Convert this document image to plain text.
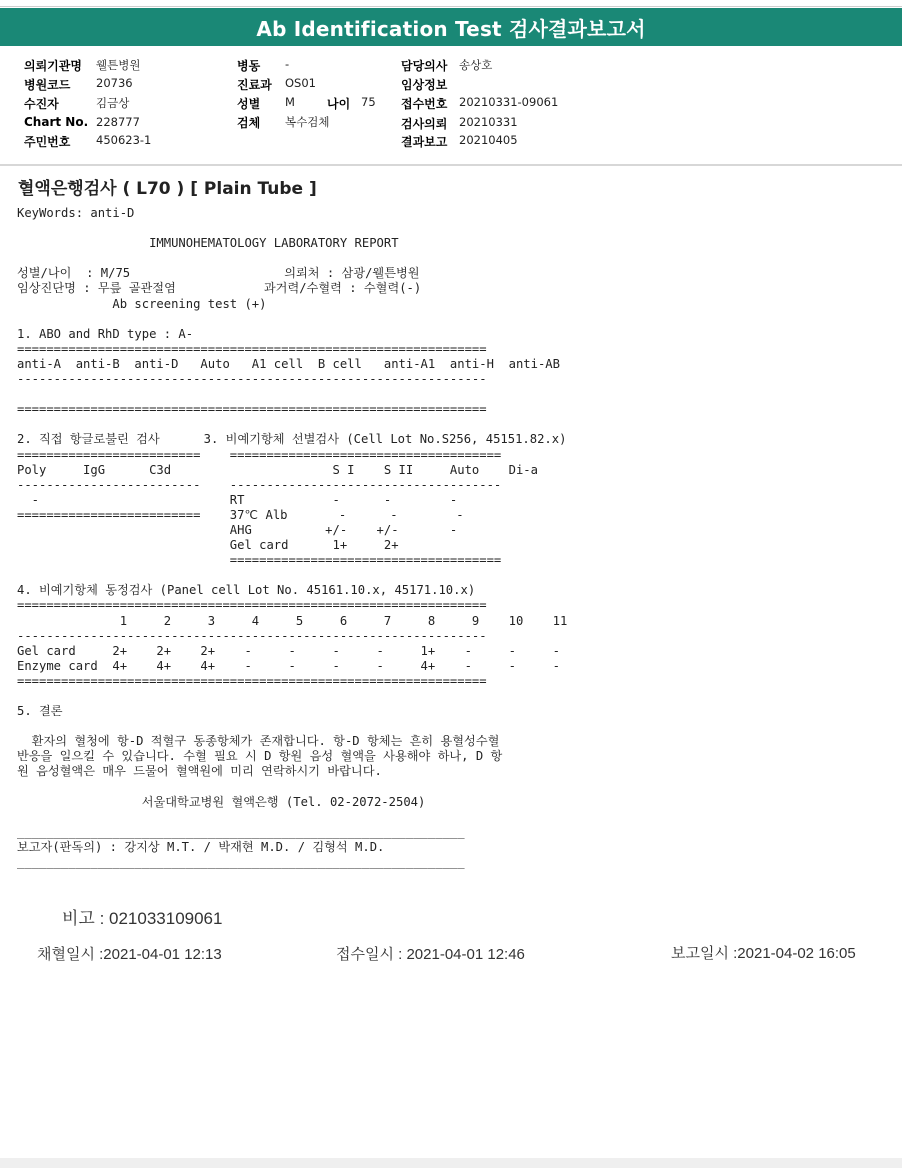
Ab Identification Test 검사결과보고서
의뢰기관명 웰튼병원
병원코드 20736
수진자	김금상
Chart No. 228777
주민번호 450623-1
병동 -
진료과 OS01
성별 M	나이 75
검체 복수검체
담당의사 송상호
임상정보
접수번호 20210331-09061
검사의뢰 20210331
결과보고 20210405
혈액은행검사 ( L70 ) [ Plain Tube ]
KeyWords: anti-D

IMMUNOHEMATOLOGY LABORATORY REPORT

성별/나이  : M/75                     의뢰처 : 삼광/웰튼병원
임상진단명 : 무릎 골관절염            과거력/수혈력 : 수혈력(-)
Ab screening test (+)

1. ABO and RhD type : A-
================================================================
anti-A  anti-B  anti-D   Auto   A1 cell  B cell   anti-A1  anti-H  anti-AB
----------------------------------------------------------------

================================================================

2. 직접 항글로불린 검사      3. 비예기항체 선별검사 (Cell Lot No.S256, 45151.82.x)
=========================    =====================================
Poly     IgG      C3d                      S I    S II     Auto    Di-a
-------------------------    -------------------------------------
-                          RT            -      -        -
=========================    37℃ Alb       -      -        -
AHG          +/-    +/-       -
Gel card      1+     2+
=====================================

4. 비예기항체 동정검사 (Panel cell Lot No. 45161.10.x, 45171.10.x)
================================================================
1     2     3     4     5     6     7     8     9    10    11
----------------------------------------------------------------
Gel card     2+    2+    2+    -     -     -     -     1+    -     -     -
Enzyme card  4+    4+    4+    -     -     -     -     4+    -     -     -
================================================================

5. 결론

환자의 혈청에 항-D 적혈구 동종항체가 존재합니다. 항-D 항체는 흔히 용혈성수혈
반응을 일으킬 수 있습니다. 수혈 필요 시 D 항원 음성 혈액을 사용해야 하나, D 항
원 음성혈액은 매우 드물어 혈액원에 미리 연락하시기 바랍니다.

서울대학교병원 혈액은행 (Tel. 02-2072-2504)

_____________________________________________________________
보고자(판독의) : 강지상 M.T. / 박재현 M.D. / 김형석 M.D.
_____________________________________________________________

비고 : 021033109061
채혈일시 :2021-04-01 12:13	접수일시 : 2021-04-01 12:46	보고일시 :2021-04-02 16:05
